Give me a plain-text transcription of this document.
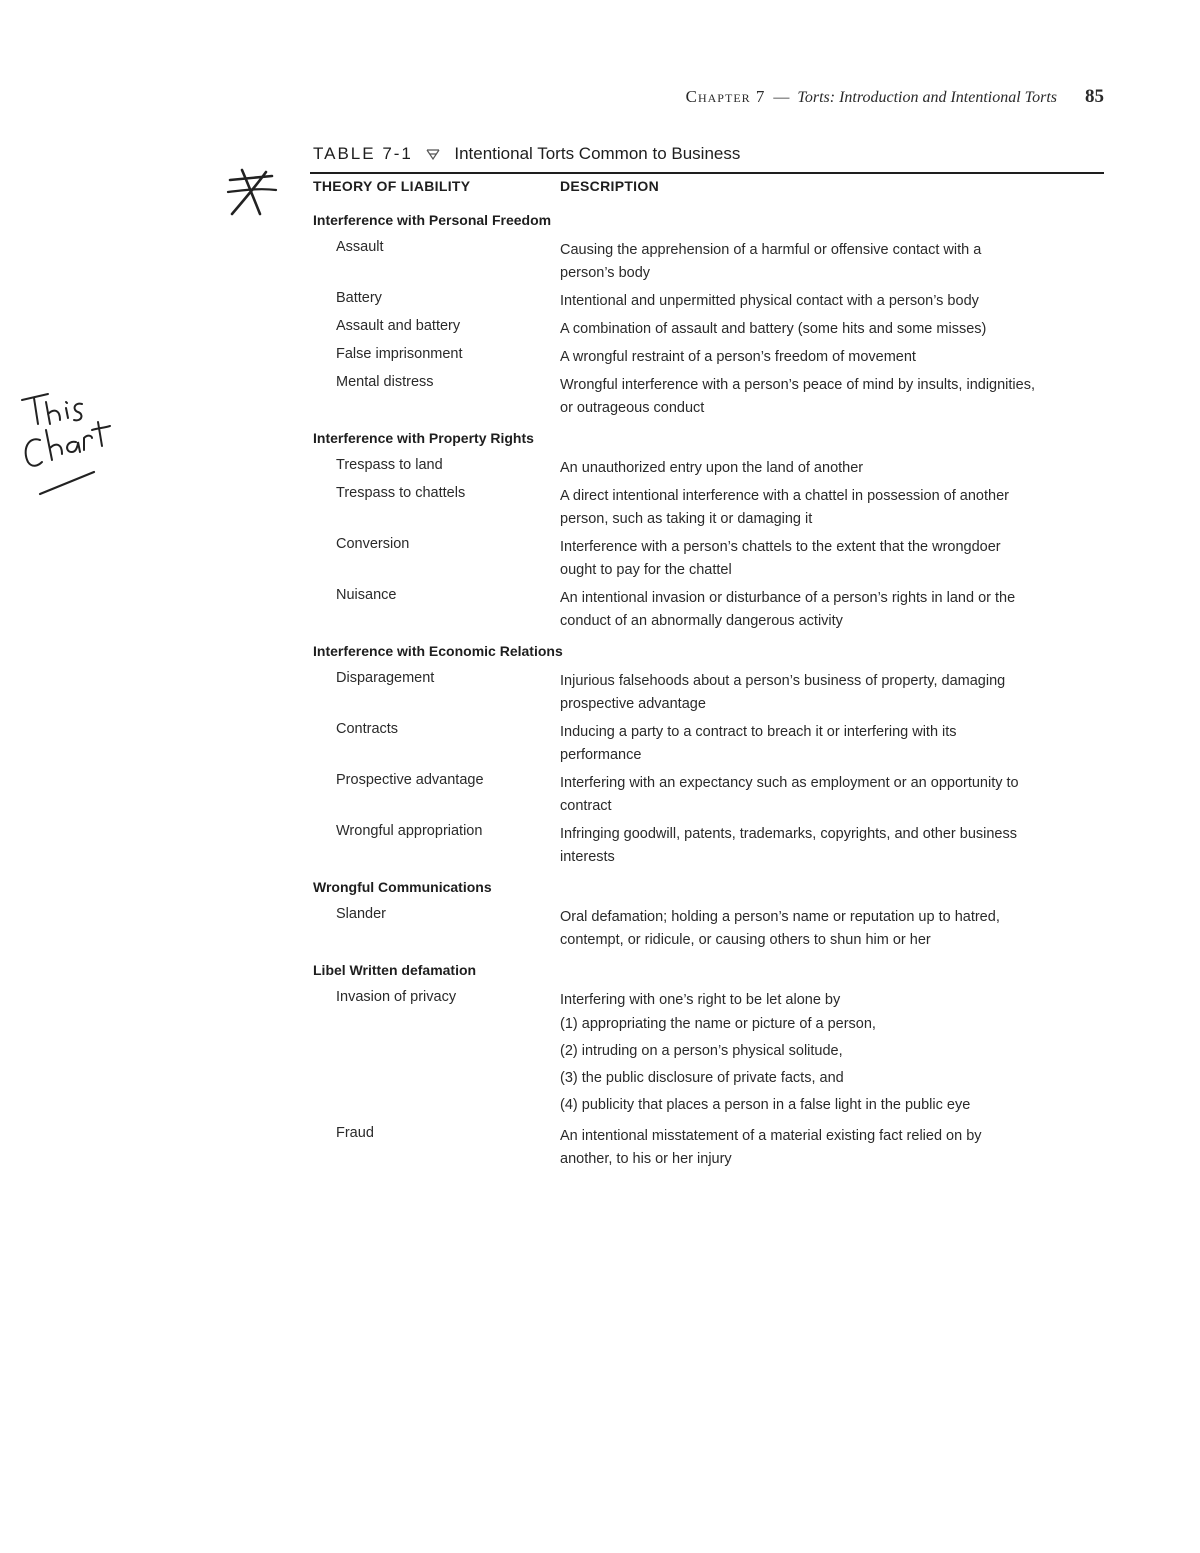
Chapter 7 — Torts: Introduction and Intentional Torts 85
TABLE 7-1 Intentional Torts Common to Business
THEORY OF LIABILITY	DESCRIPTION
Interference with Personal Freedom
Assault	Causing the apprehension of a harmful or offensive contact with a
person’s body
Battery	Intentional and unpermitted physical contact with a person’s body
Assault and battery	A combination of assault and battery (some hits and some misses)
False imprisonment	A wrongful restraint of a person’s freedom of movement
Mental distress	Wrongful interference with a person’s peace of mind by insults, indignities,
or outrageous conduct
Interference with Property Rights
Trespass to land	An unauthorized entry upon the land of another
Trespass to chattels	A direct intentional interference with a chattel in possession of another
person, such as taking it or damaging it
Conversion	Interference with a person’s chattels to the extent that the wrongdoer
ought to pay for the chattel
Nuisance	An intentional invasion or disturbance of a person’s rights in land or the
conduct of an abnormally dangerous activity
Interference with Economic Relations
Disparagement	Injurious falsehoods about a person’s business of property, damaging
prospective advantage
Contracts	Inducing a party to a contract to breach it or interfering with its
performance
Prospective advantage	Interfering with an expectancy such as employment or an opportunity to
contract
Wrongful appropriation	Infringing goodwill, patents, trademarks, copyrights, and other business
interests
Wrongful Communications
Slander	Oral defamation; holding a person’s name or reputation up to hatred,
contempt, or ridicule, or causing others to shun him or her
Libel Written defamation
Invasion of privacy	Interfering with one’s right to be let alone by
(1) appropriating the name or picture of a person,
(2) intruding on a person’s physical solitude,
(3) the public disclosure of private facts, and
(4) publicity that places a person in a false light in the public eye
Fraud	An intentional misstatement of a material existing fact relied on by
another, to his or her injury
